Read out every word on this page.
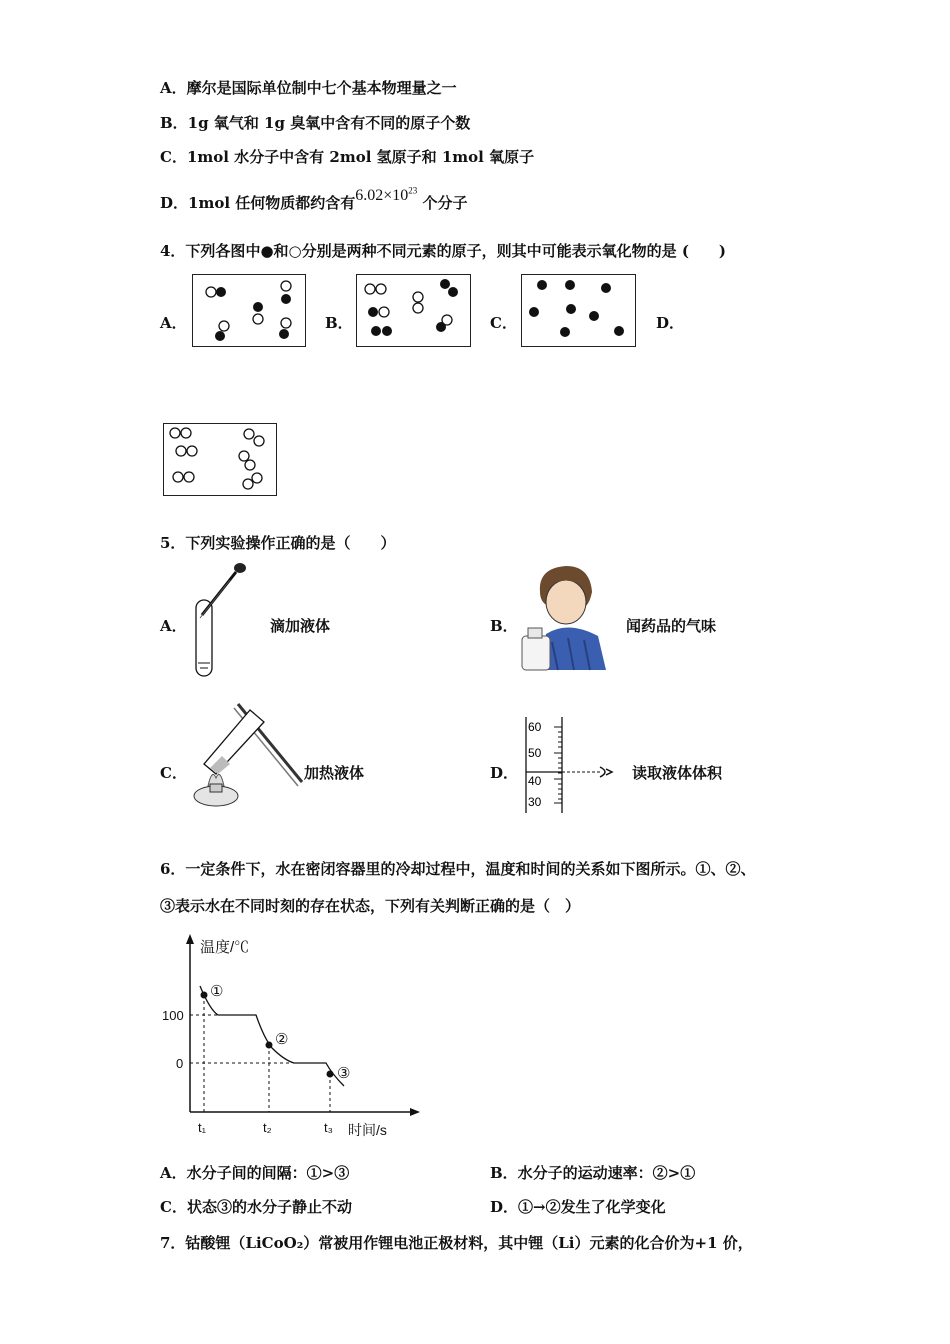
A．摩尔是国际单位制中七个基本物理量之一
B．1g 氧气和 1g 臭氧中含有不同的原子个数
C．1mol 水分子中含有 2mol 氢原子和 1mol 氧原子
D．1mol 任何物质都约含有$6.02\times 10^{23}$ 个分子
4．下列各图中●和○分别是两种不同元素的原子，则其中可能表示氧化物的是 (　　)
A．	B．	C．	D．
5．下列实验操作正确的是（　　）
A．	滴加液体	B．	闻药品的气味
C．	加热液体	D．
60
50
40
30
读取液体体积
6．一定条件下，水在密闭容器里的冷却过程中，温度和时间的关系如下图所示。①、②、
③表示水在不同时刻的存在状态，下列有关判断正确的是（　）
温度/℃
时间/s
100
0
t₁	t₂	t₃
①
②
③
A．水分子间的间隔：①>③	B．水分子的运动速率：②>①
C．状态③的水分子静止不动	D．①→②发生了化学变化
7．钴酸锂（LiCoO₂）常被用作锂电池正极材料，其中锂（Li）元素的化合价为+1 价，
